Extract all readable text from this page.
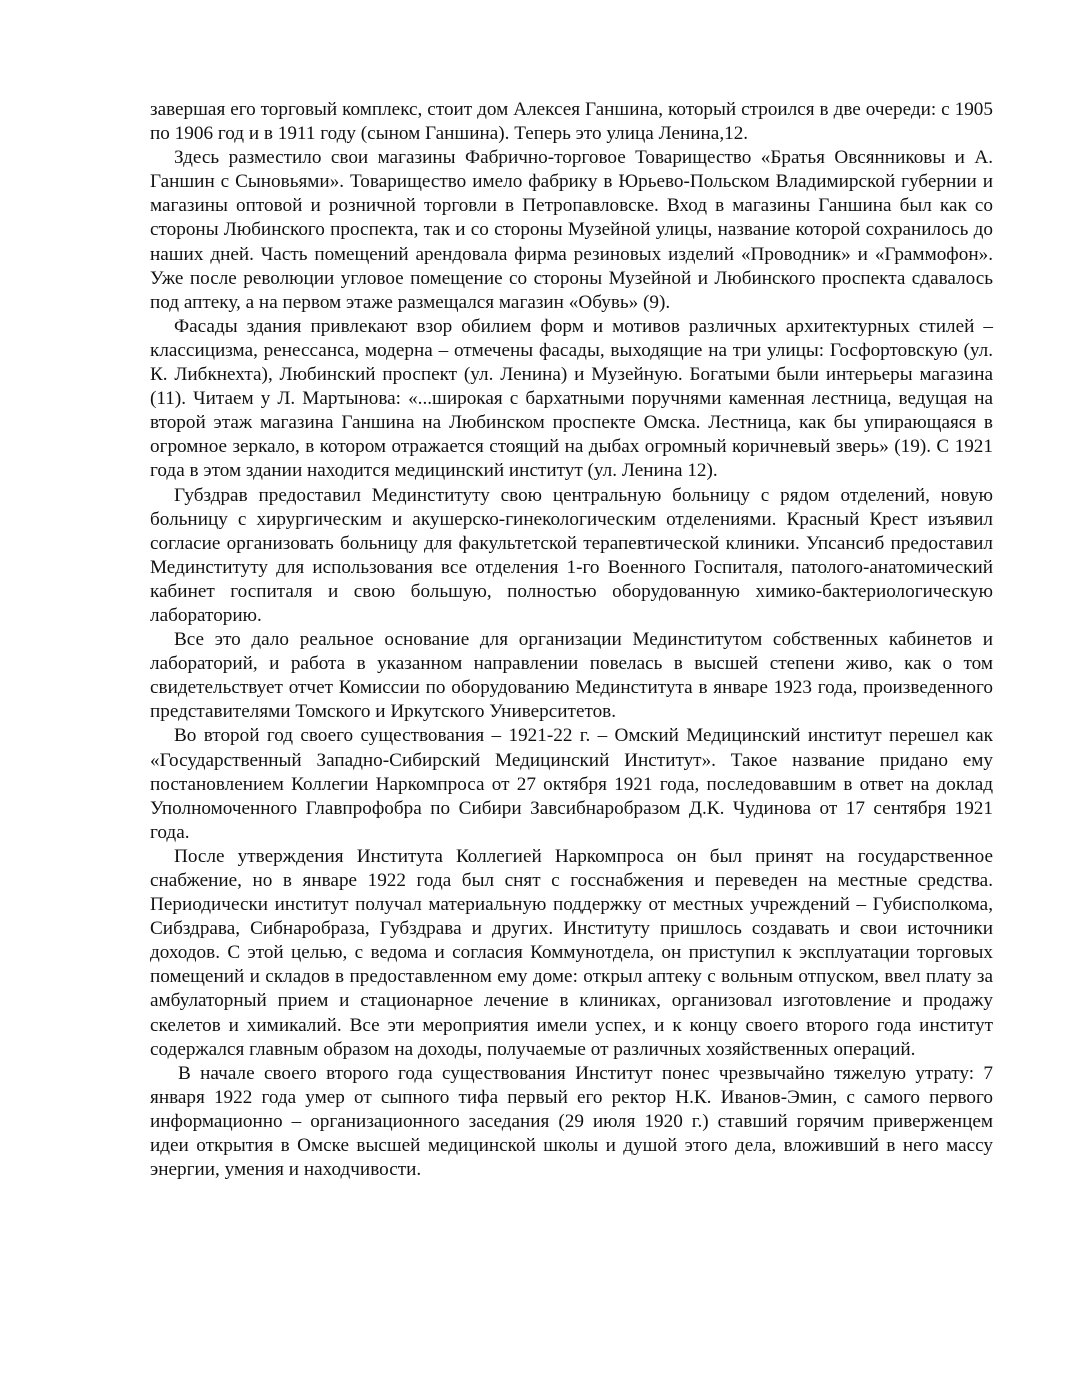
завершая его торговый комплекс, стоит дом Алексея Ганшина, который строился в две очереди: с 1905 по 1906 год и в 1911 году (сыном Ганшина). Теперь это улица Ленина,12.

Здесь разместило свои магазины Фабрично-торговое Товарищество «Братья Овсянниковы и А. Ганшин с Сыновьями». Товарищество имело фабрику в Юрьево-Польском Владимирской губернии и магазины оптовой и розничной торговли в Петропавловске. Вход в магазины Ганшина был как со стороны Любинского проспекта, так и со стороны Музейной улицы, название которой сохранилось до наших дней. Часть помещений арендовала фирма резиновых изделий «Проводник» и «Граммофон». Уже после революции угловое помещение со стороны Музейной и Любинского проспекта сдавалось под аптеку, а на первом этаже размещался магазин «Обувь» (9).

Фасады здания привлекают взор обилием форм и мотивов различных архитектурных стилей – классицизма, ренессанса, модерна – отмечены фасады, выходящие на три улицы: Госфортовскую (ул. К. Либкнехта), Любинский проспект (ул. Ленина) и Музейную. Богатыми были интерьеры магазина (11). Читаем у Л. Мартынова: «...широкая с бархатными поручнями каменная лестница, ведущая на второй этаж магазина Ганшина на Любинском проспекте Омска. Лестница, как бы упирающаяся в огромное зеркало, в котором отражается стоящий на дыбах огромный коричневый зверь» (19). С 1921 года в этом здании находится медицинский институт (ул. Ленина 12).

Губздрав предоставил Мединституту свою центральную больницу с рядом отделений, новую больницу с хирургическим и акушерско-гинекологическим отделениями. Красный Крест изъявил согласие организовать больницу для факультетской терапевтической клиники. Упсансиб предоставил Мединституту для использования все отделения 1-го Военного Госпиталя, патолого-анатомический кабинет госпиталя и свою большую, полностью оборудованную химико-бактериологическую лабораторию.

Все это дало реальное основание для организации Мединститутом собственных кабинетов и лабораторий, и работа в указанном направлении повелась в высшей степени живо, как о том свидетельствует отчет Комиссии по оборудованию Мединститута в январе 1923 года, произведенного представителями Томского и Иркутского Университетов.

Во второй год своего существования – 1921-22 г. – Омский Медицинский институт перешел как «Государственный Западно-Сибирский Медицинский Институт». Такое название придано ему постановлением Коллегии Наркомпроса от 27 октября 1921 года, последовавшим в ответ на доклад Уполномоченного Главпрофобра по Сибири Завсибнаробразом Д.К. Чудинова от 17 сентября 1921 года.

После утверждения Института Коллегией Наркомпроса он был принят на государственное снабжение, но в январе 1922 года был снят с госснабжения и переведен на местные средства. Периодически институт получал материальную поддержку от местных учреждений – Губисполкома, Сибздрава, Сибнаробраза, Губздрава и других. Институту пришлось создавать и свои источники доходов. С этой целью, с ведома и согласия Коммунотдела, он приступил к эксплуатации торговых помещений и складов в предоставленном ему доме: открыл аптеку с вольным отпуском, ввел плату за амбулаторный прием и стационарное лечение в клиниках, организовал изготовление и продажу скелетов и химикалий. Все эти мероприятия имели успех, и к концу своего второго года институт содержался главным образом на доходы, получаемые от различных хозяйственных операций.

В начале своего второго года существования Институт понес чрезвычайно тяжелую утрату: 7 января 1922 года умер от сыпного тифа первый его ректор Н.К. Иванов-Эмин, с самого первого информационно – организационного заседания (29 июля 1920 г.) ставший горячим приверженцем идеи открытия в Омске высшей медицинской школы и душой этого дела, вложивший в него массу энергии, умения и находчивости.
